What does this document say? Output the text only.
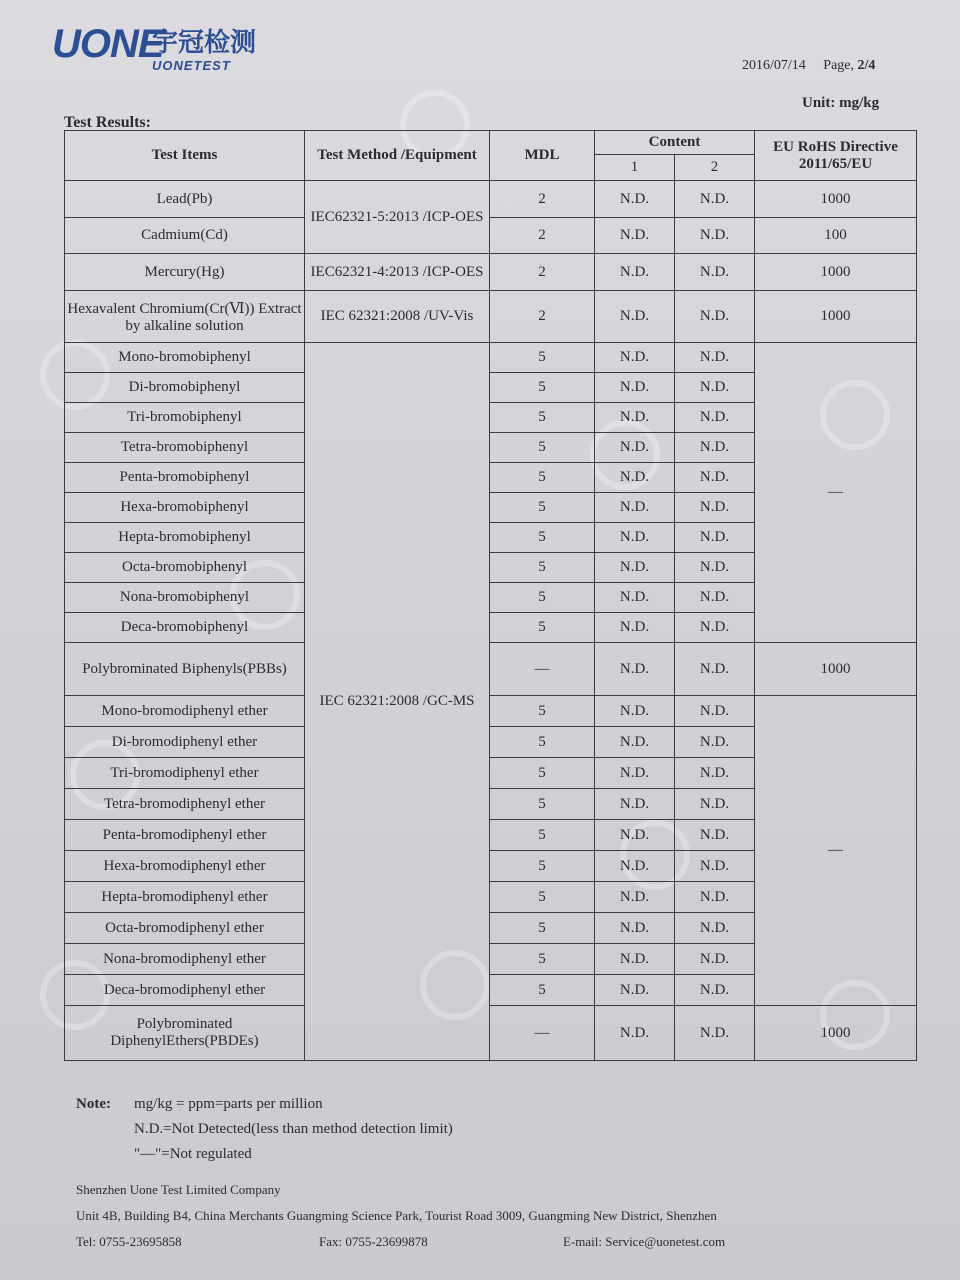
UONE
宇冠检测
UONETEST	2016/07/14 Page, 2/4
Unit: mg/kg
Test Results:
Test Items	Test Method /Equipment	MDL	Content		EU RoHS Directive 2011/65/EU
			1	2	
Lead(Pb)	IEC62321-5:2013 /ICP-OES	2	N.D.	N.D.	1000
Cadmium(Cd)		2	N.D.	N.D.	100
Mercury(Hg)	IEC62321-4:2013 /ICP-OES	2	N.D.	N.D.	1000
Hexavalent Chromium(Cr(Ⅵ)) Extract by alkaline solution	IEC 62321:2008 /UV-Vis	2	N.D.	N.D.	1000
Mono-bromobiphenyl	IEC 62321:2008 /GC-MS	5	N.D.	N.D.	—
Di-bromobiphenyl		5	N.D.	N.D.	
Tri-bromobiphenyl		5	N.D.	N.D.	
Tetra-bromobiphenyl		5	N.D.	N.D.	
Penta-bromobiphenyl		5	N.D.	N.D.	
Hexa-bromobiphenyl		5	N.D.	N.D.	
Hepta-bromobiphenyl		5	N.D.	N.D.	
Octa-bromobiphenyl		5	N.D.	N.D.	
Nona-bromobiphenyl		5	N.D.	N.D.	
Deca-bromobiphenyl		5	N.D.	N.D.	
Polybrominated Biphenyls(PBBs)		—	N.D.	N.D.	1000
Mono-bromodiphenyl ether		5	N.D.	N.D.	—
Di-bromodiphenyl ether		5	N.D.	N.D.	
Tri-bromodiphenyl ether		5	N.D.	N.D.	
Tetra-bromodiphenyl ether		5	N.D.	N.D.	
Penta-bromodiphenyl ether		5	N.D.	N.D.	
Hexa-bromodiphenyl ether		5	N.D.	N.D.	
Hepta-bromodiphenyl ether		5	N.D.	N.D.	
Octa-bromodiphenyl ether		5	N.D.	N.D.	
Nona-bromodiphenyl ether		5	N.D.	N.D.	
Deca-bromodiphenyl ether		5	N.D.	N.D.	
Polybrominated DiphenylEthers(PBDEs)		—	N.D.	N.D.	1000
Note: mg/kg = ppm=parts per million
N.D.=Not Detected(less than method detection limit)
"—"=Not regulated
Shenzhen Uone Test Limited Company
Unit 4B, Building B4, China Merchants Guangming Science Park, Tourist Road 3009, Guangming New District, Shenzhen
Tel: 0755-23695858	Fax: 0755-23699878	E-mail: Service@uonetest.com
